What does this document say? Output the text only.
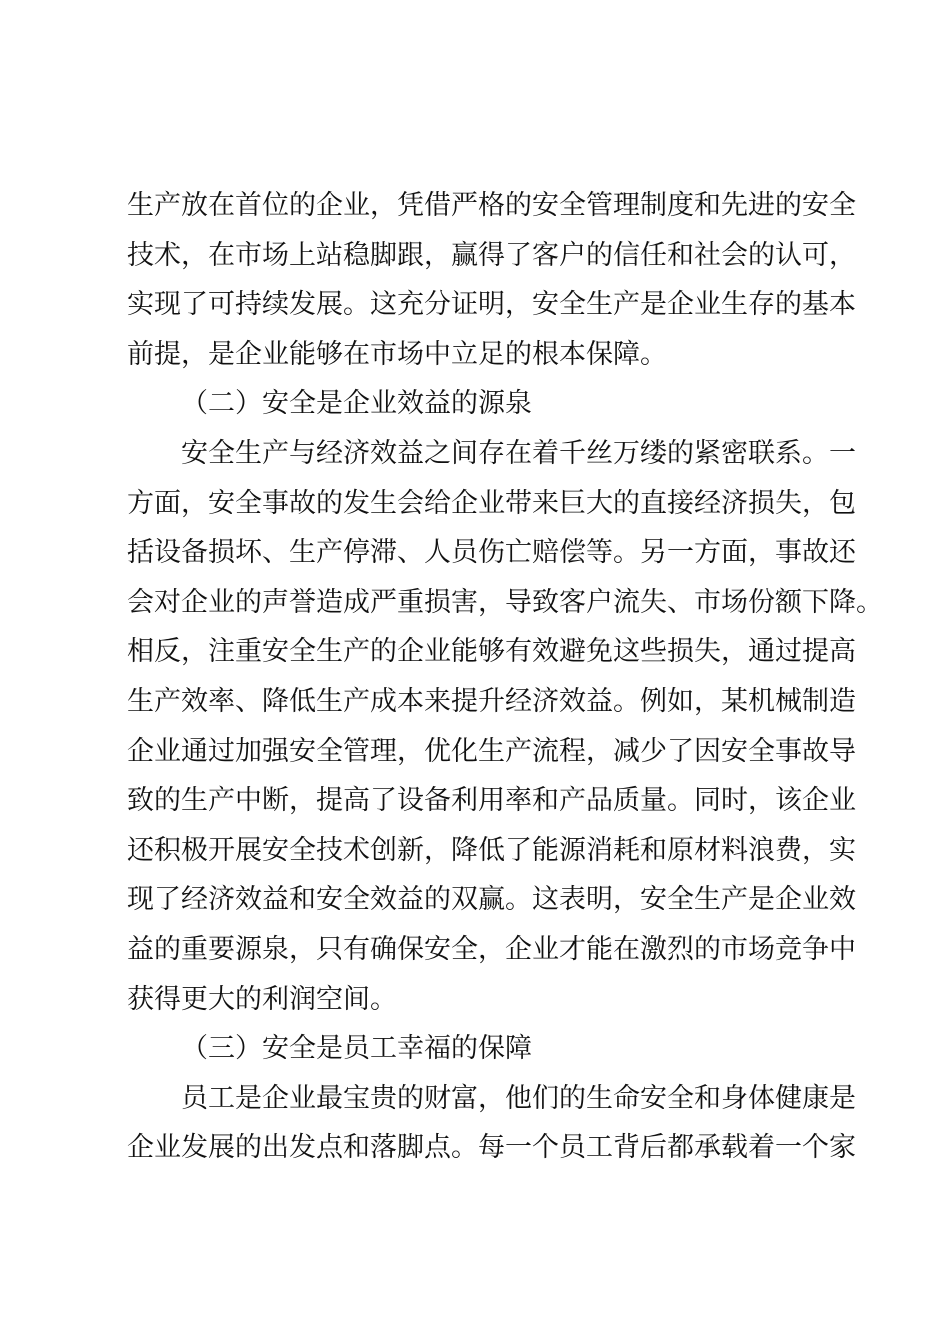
生产放在首位的企业，凭借严格的安全管理制度和先进的安全
技术，在市场上站稳脚跟，赢得了客户的信任和社会的认可，
实现了可持续发展。这充分证明，安全生产是企业生存的基本
前提，是企业能够在市场中立足的根本保障。
（二）安全是企业效益的源泉
安全生产与经济效益之间存在着千丝万缕的紧密联系。一
方面，安全事故的发生会给企业带来巨大的直接经济损失，包
括设备损坏、生产停滞、人员伤亡赔偿等。另一方面，事故还
会对企业的声誉造成严重损害，导致客户流失、市场份额下降。
相反，注重安全生产的企业能够有效避免这些损失，通过提高
生产效率、降低生产成本来提升经济效益。例如，某机械制造
企业通过加强安全管理，优化生产流程，减少了因安全事故导
致的生产中断，提高了设备利用率和产品质量。同时，该企业
还积极开展安全技术创新，降低了能源消耗和原材料浪费，实
现了经济效益和安全效益的双赢。这表明，安全生产是企业效
益的重要源泉，只有确保安全，企业才能在激烈的市场竞争中
获得更大的利润空间。
（三）安全是员工幸福的保障
员工是企业最宝贵的财富，他们的生命安全和身体健康是
企业发展的出发点和落脚点。每一个员工背后都承载着一个家
